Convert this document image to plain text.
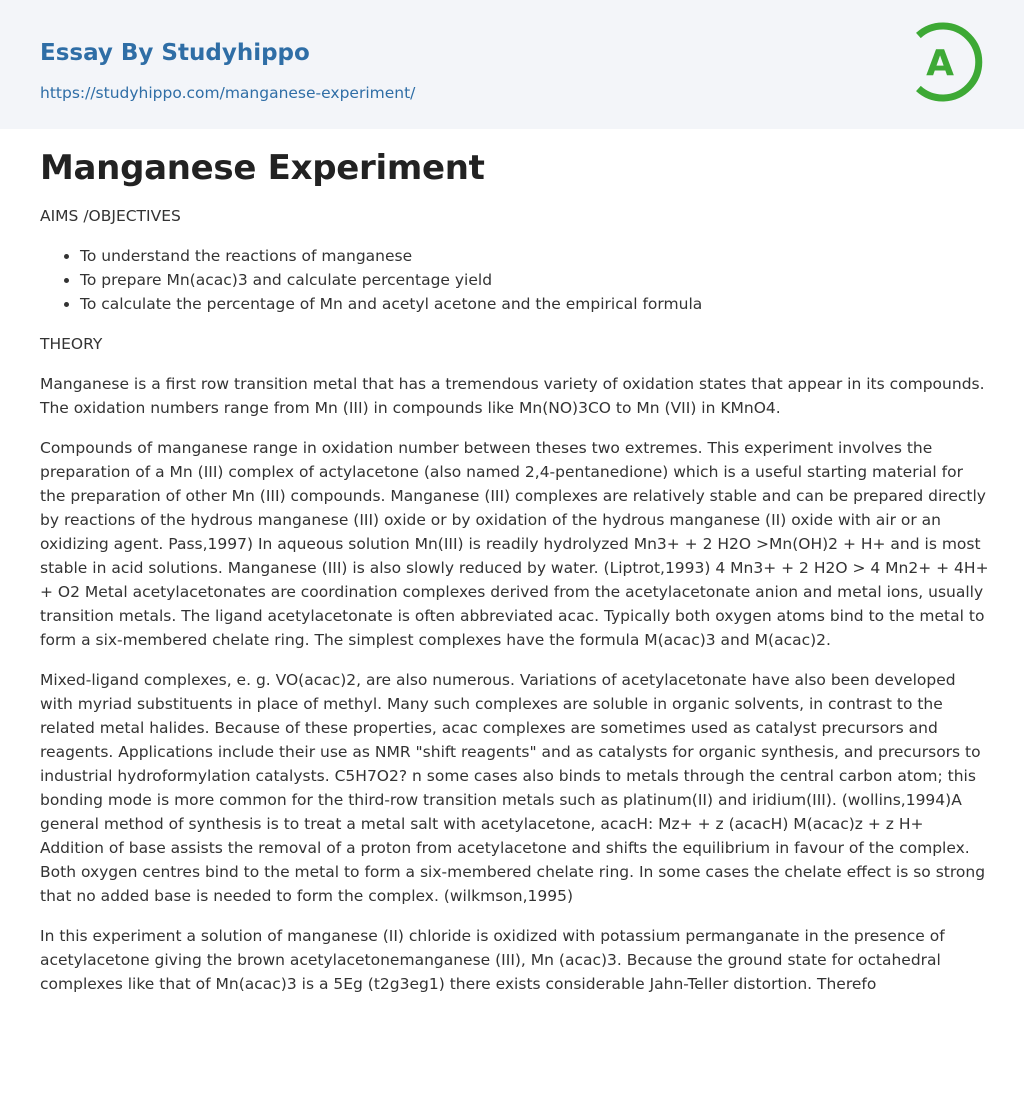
Essay By Studyhippo
https://studyhippo.com/manganese-experiment/
A
Manganese Experiment
AIMS /OBJECTIVES
To understand the reactions of manganese
To prepare Mn(acac)3 and calculate percentage yield
To calculate the percentage of Mn and acetyl acetone and the empirical formula
THEORY

Manganese is a first row transition metal that has a tremendous variety of oxidation states that appear in its compounds. The oxidation numbers range from Mn (III) in compounds like Mn(NO)3CO to Mn (VII) in KMnO4.

Compounds of manganese range in oxidation number between theses two extremes. This experiment involves the preparation of a Mn (III) complex of actylacetone (also named 2,4-pentanedione) which is a useful starting material for the preparation of other Mn (III) compounds. Manganese (III) complexes are relatively stable and can be prepared directly by reactions of the hydrous manganese (III) oxide or by oxidation of the hydrous manganese (II) oxide with air or an oxidizing agent. Pass,1997) In aqueous solution Mn(III) is readily hydrolyzed Mn3+ + 2 H2O >Mn(OH)2 + H+ and is most stable in acid solutions. Manganese (III) is also slowly reduced by water. (Liptrot,1993) 4 Mn3+ + 2 H2O > 4 Mn2+ + 4H+ + O2 Metal acetylacetonates are coordination complexes derived from the acetylacetonate anion and metal ions, usually transition metals. The ligand acetylacetonate is often abbreviated acac. Typically both oxygen atoms bind to the metal to form a six-membered chelate ring. The simplest complexes have the formula M(acac)3 and M(acac)2.

Mixed-ligand complexes, e. g. VO(acac)2, are also numerous. Variations of acetylacetonate have also been developed with myriad substituents in place of methyl. Many such complexes are soluble in organic solvents, in contrast to the related metal halides. Because of these properties, acac complexes are sometimes used as catalyst precursors and reagents. Applications include their use as NMR "shift reagents" and as catalysts for organic synthesis, and precursors to industrial hydroformylation catalysts. C5H7O2? n some cases also binds to metals through the central carbon atom; this bonding mode is more common for the third-row transition metals such as platinum(II) and iridium(III). (wollins,1994)A general method of synthesis is to treat a metal salt with acetylacetone, acacH: Mz+ + z (acacH) M(acac)z + z H+ Addition of base assists the removal of a proton from acetylacetone and shifts the equilibrium in favour of the complex. Both oxygen centres bind to the metal to form a six-membered chelate ring. In some cases the chelate effect is so strong that no added base is needed to form the complex. (wilkmson,1995)

In this experiment a solution of manganese (II) chloride is oxidized with potassium permanganate in the presence of acetylacetone giving the brown acetylacetonemanganese (III), Mn (acac)3. Because the ground state for octahedral complexes like that of Mn(acac)3 is a 5Eg (t2g3eg1) there exists considerable Jahn-Teller distortion. Therefo
